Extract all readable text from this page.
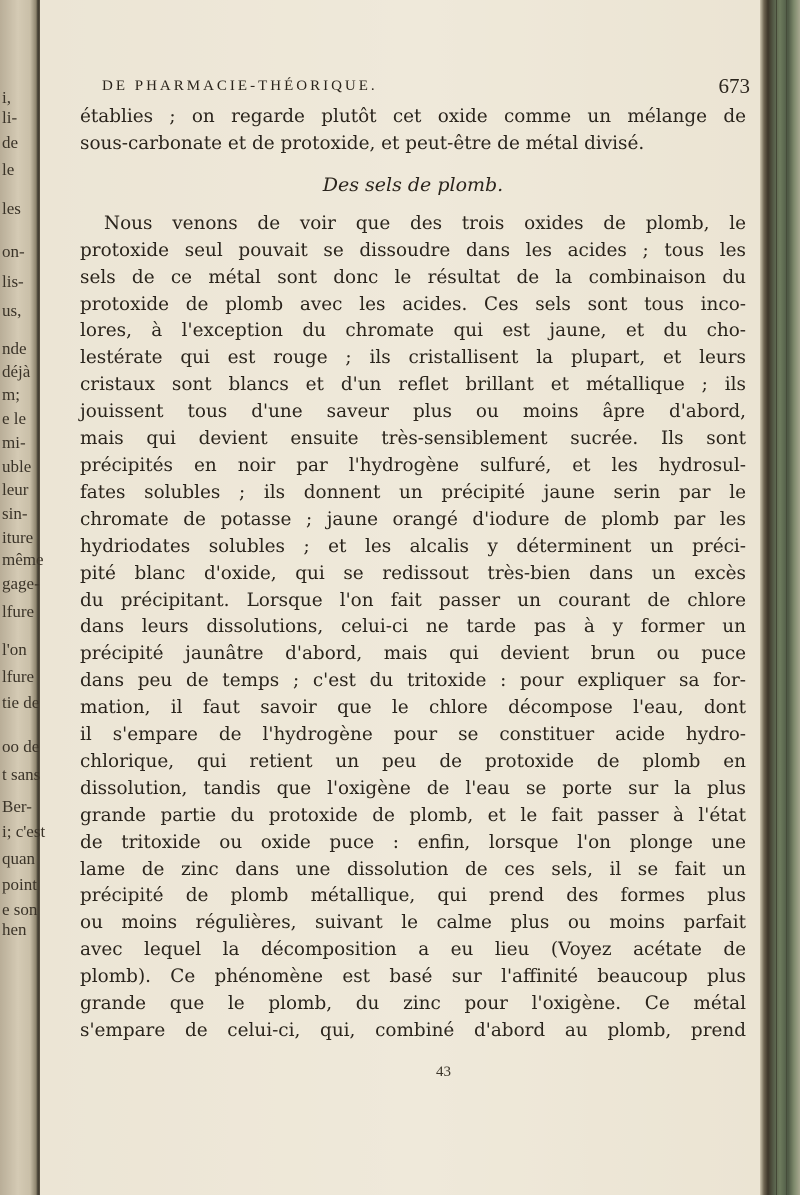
i,
li-
de
le
les
on-
lis-
us,
nde
déjà
m;
e le
mi-
uble
leur
sin-
iture
même
gage-
lfure
l'on
lfure
tie de
oo de
t sans
Ber-
i; c'est
quan
point
e son
hen
DE PHARMACIE-THÉORIQUE.	673

établies ; on regarde plutôt cet oxide comme un mélange de
sous-carbonate et de protoxide, et peut-être de métal divisé.

Des sels de plomb.

Nous venons de voir que des trois oxides de plomb, le
protoxide seul pouvait se dissoudre dans les acides ; tous les
sels de ce métal sont donc le résultat de la combinaison du
protoxide de plomb avec les acides. Ces sels sont tous inco-
lores, à l'exception du chromate qui est jaune, et du cho-
lestérate qui est rouge ; ils cristallisent la plupart, et leurs
cristaux sont blancs et d'un reflet brillant et métallique ; ils
jouissent tous d'une saveur plus ou moins âpre d'abord,
mais qui devient ensuite très-sensiblement sucrée. Ils sont
précipités en noir par l'hydrogène sulfuré, et les hydrosul-
fates solubles ; ils donnent un précipité jaune serin par le
chromate de potasse ; jaune orangé d'iodure de plomb par les
hydriodates solubles ; et les alcalis y déterminent un préci-
pité blanc d'oxide, qui se redissout très-bien dans un excès
du précipitant. Lorsque l'on fait passer un courant de chlore
dans leurs dissolutions, celui-ci ne tarde pas à y former un
précipité jaunâtre d'abord, mais qui devient brun ou puce
dans peu de temps ; c'est du tritoxide : pour expliquer sa for-
mation, il faut savoir que le chlore décompose l'eau, dont
il s'empare de l'hydrogène pour se constituer acide hydro-
chlorique, qui retient un peu de protoxide de plomb en
dissolution, tandis que l'oxigène de l'eau se porte sur la plus
grande partie du protoxide de plomb, et le fait passer à l'état
de tritoxide ou oxide puce : enfin, lorsque l'on plonge une
lame de zinc dans une dissolution de ces sels, il se fait un
précipité de plomb métallique, qui prend des formes plus
ou moins régulières, suivant le calme plus ou moins parfait
avec lequel la décomposition a eu lieu (Voyez acétate de
plomb). Ce phénomène est basé sur l'affinité beaucoup plus
grande que le plomb, du zinc pour l'oxigène. Ce métal
s'empare de celui-ci, qui, combiné d'abord au plomb, prend

43
